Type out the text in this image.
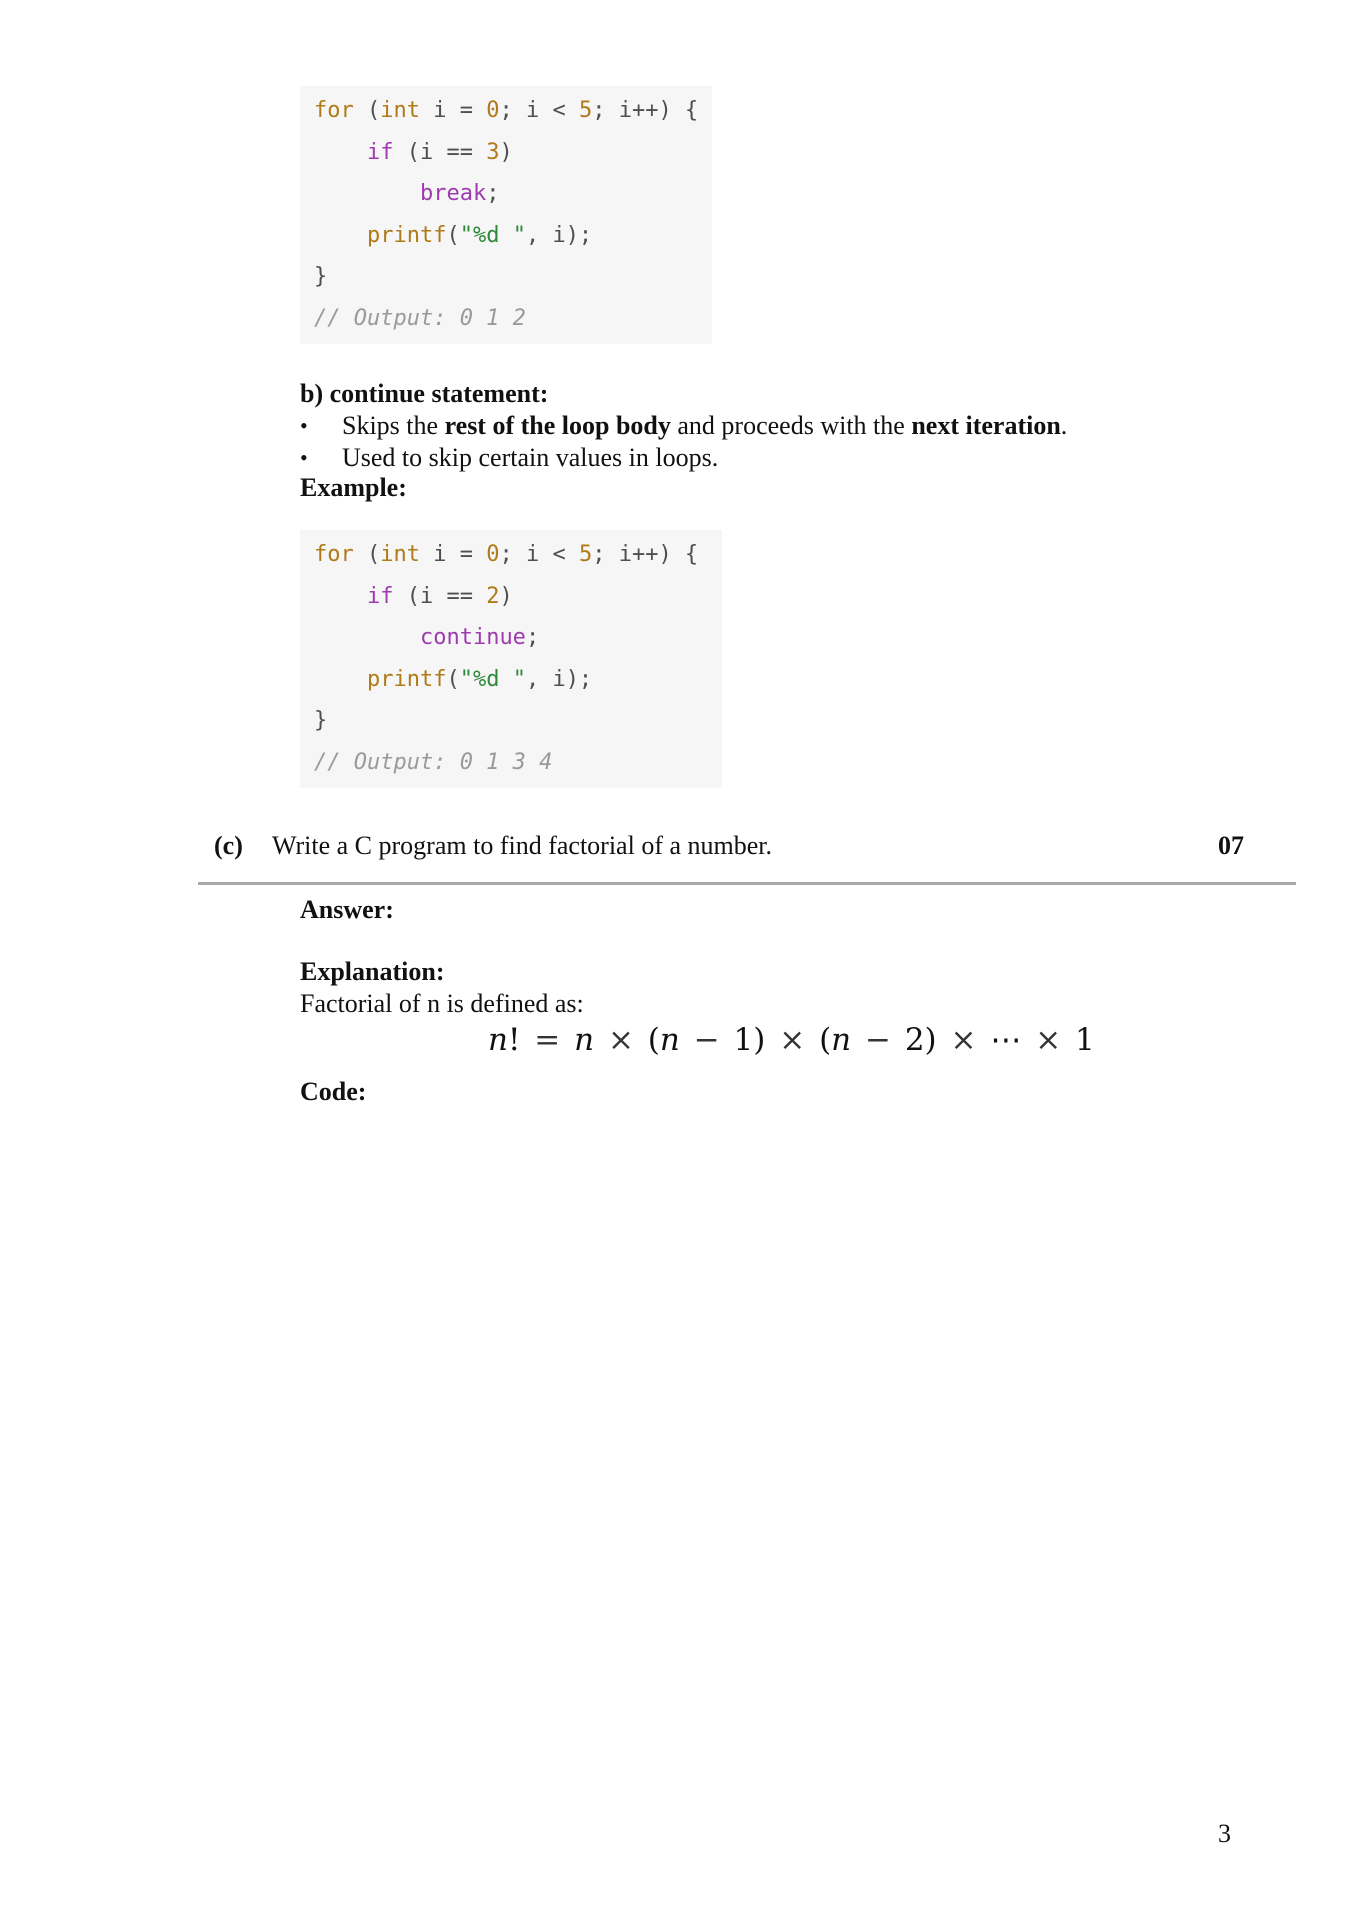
for (int i = 0; i < 5; i++) {
if (i == 3)
break;
printf("%d ", i);
}
// Output: 0 1 2
b) continue statement:
• Skips the rest of the loop body and proceeds with the next iteration.
• Used to skip certain values in loops.
Example:
for (int i = 0; i < 5; i++) {
if (i == 2)
continue;
printf("%d ", i);
}
// Output: 0 1 3 4
(c) Write a C program to find factorial of a number.	07
Answer:
Explanation:
Factorial of n is defined as:
n! = n × (n − 1) × (n − 2) × ⋯ × 1
Code:
3
